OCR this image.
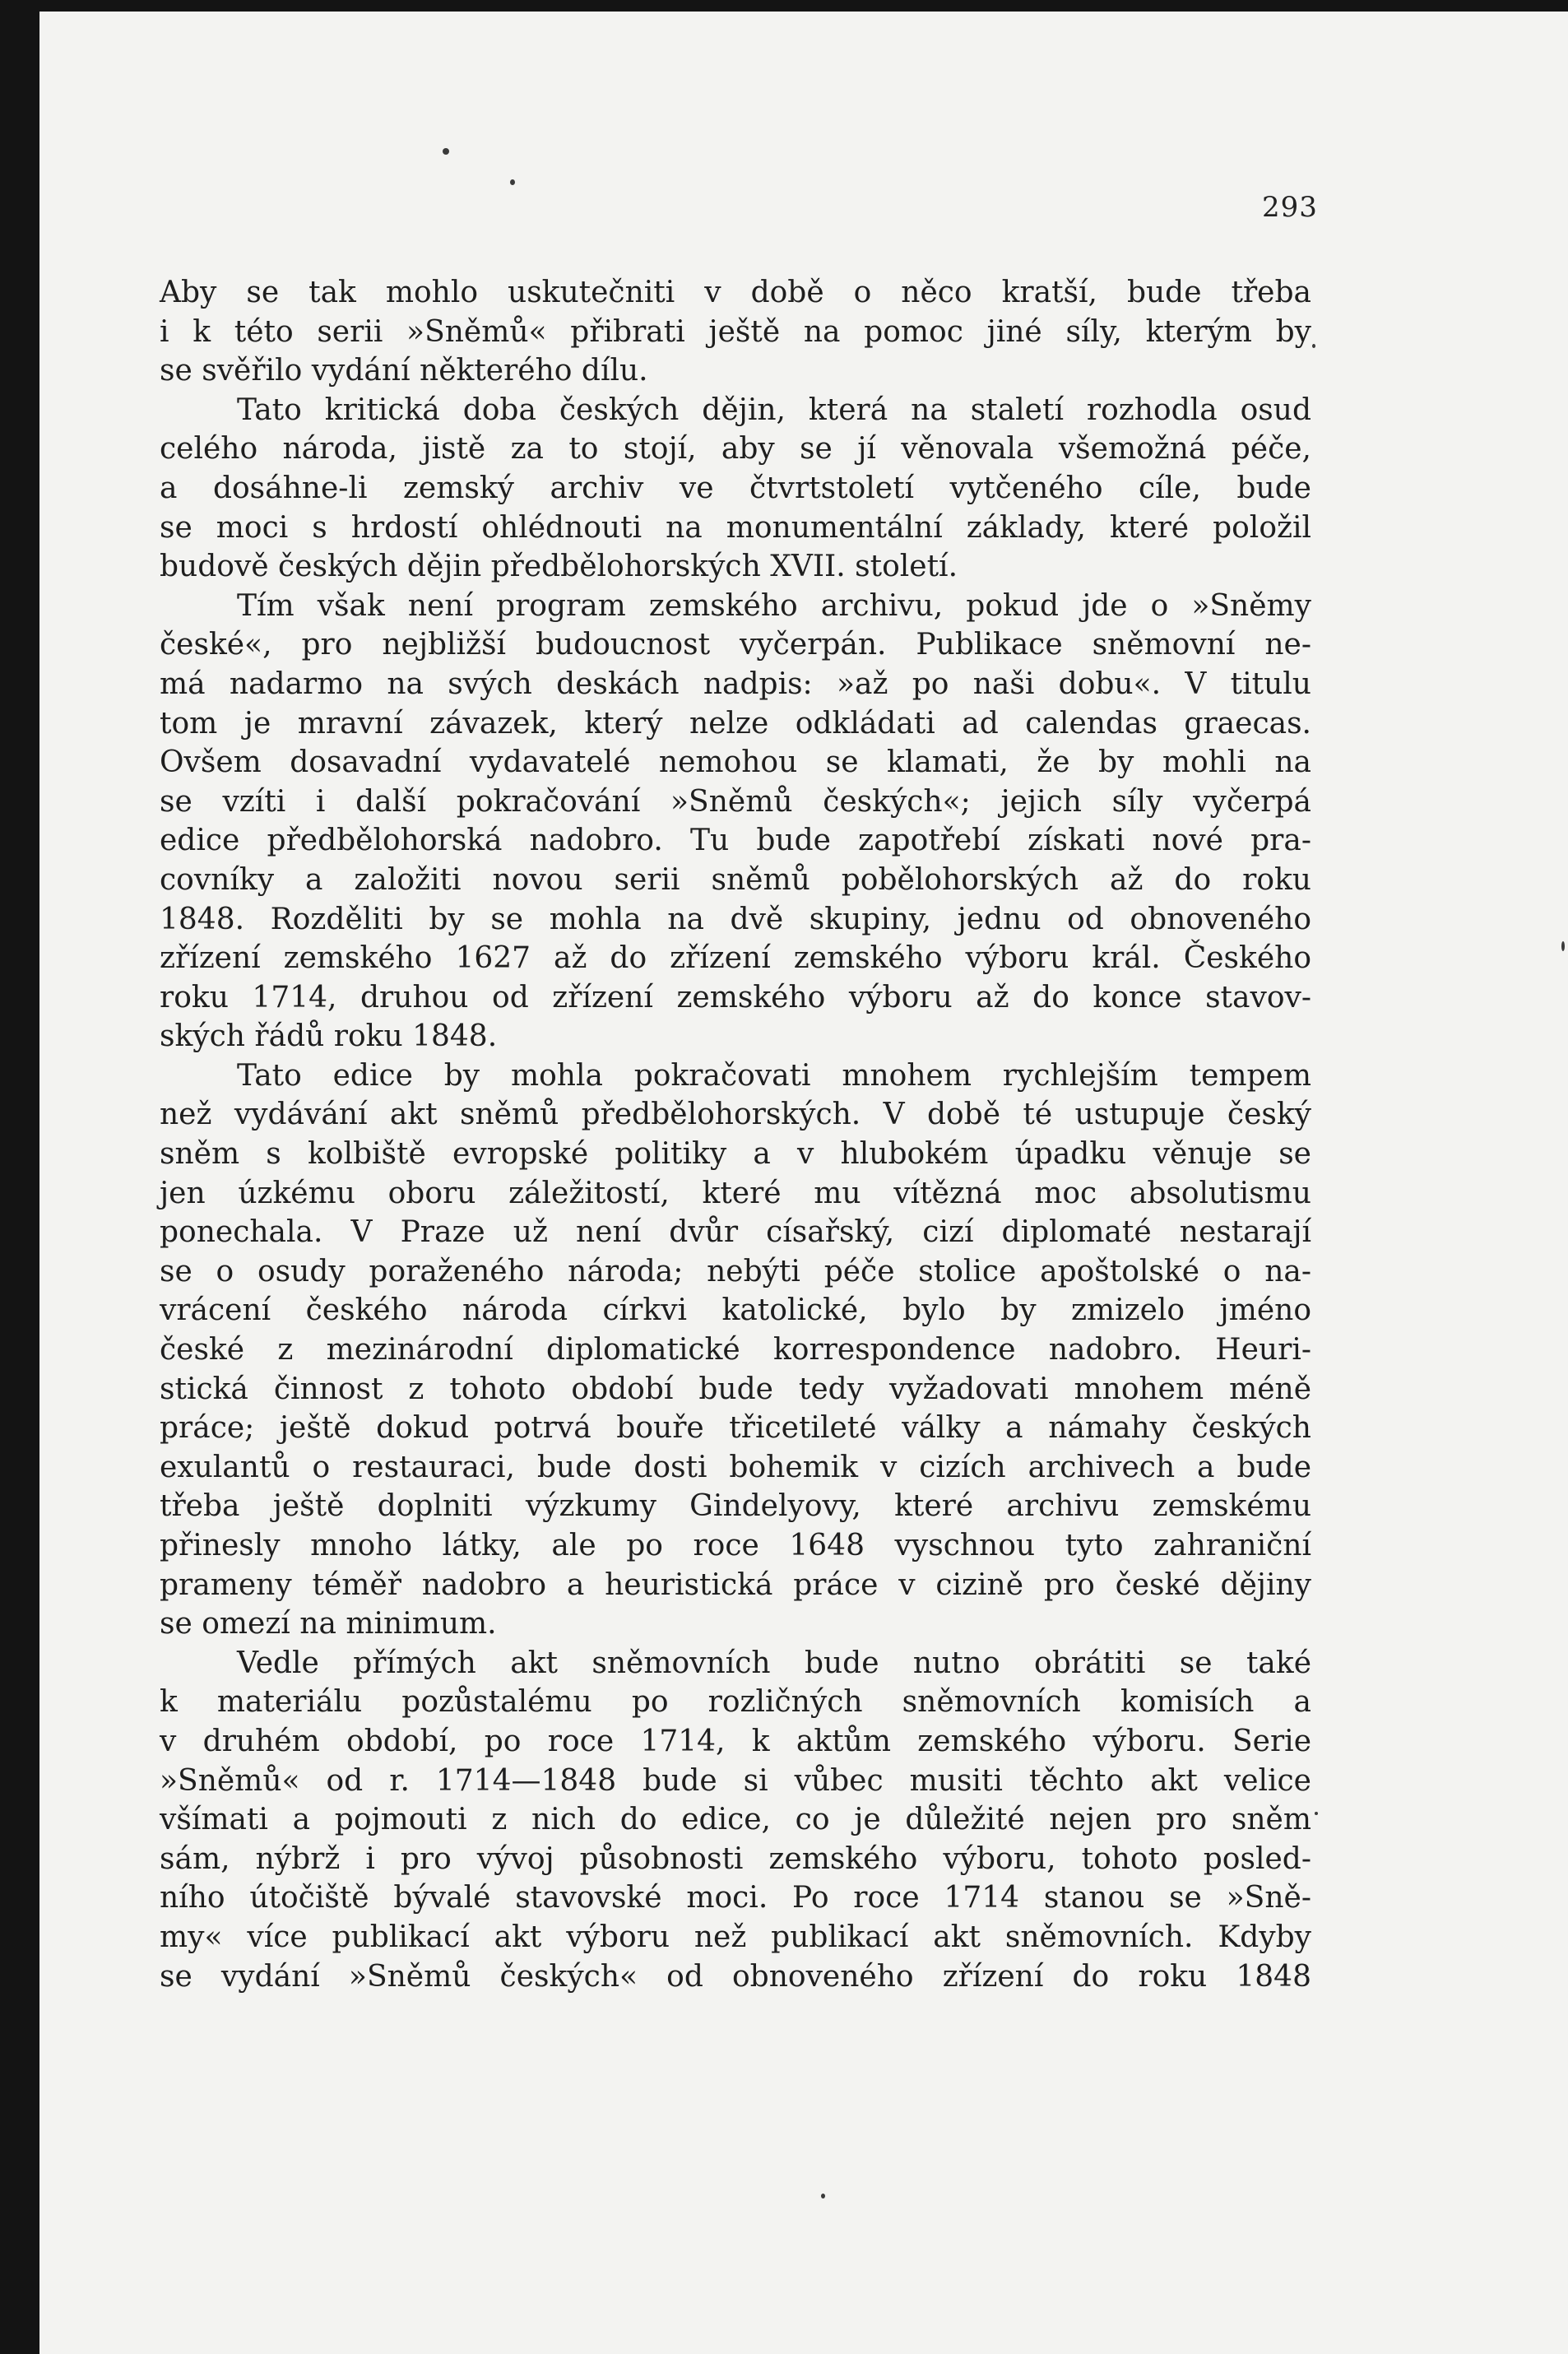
293
Aby se tak mohlo uskutečniti v době o něco kratší, bude třeba
i k této serii »Sněmů« přibrati ještě na pomoc jiné síly, kterým by
se svěřilo vydání některého dílu.
Tato kritická doba českých dějin, která na staletí rozhodla osud
celého národa, jistě za to stojí, aby se jí věnovala všemožná péče,
a dosáhne-li zemský archiv ve čtvrtstoletí vytčeného cíle, bude
se moci s hrdostí ohlédnouti na monumentální základy, které položil
budově českých dějin předbělohorských XVII. století.
Tím však není program zemského archivu, pokud jde o »Sněmy
české«, pro nejbližší budoucnost vyčerpán. Publikace sněmovní ne-
má nadarmo na svých deskách nadpis: »až po naši dobu«. V titulu
tom je mravní závazek, který nelze odkládati ad calendas graecas.
Ovšem dosavadní vydavatelé nemohou se klamati, že by mohli na
se vzíti i další pokračování »Sněmů českých«; jejich síly vyčerpá
edice předbělohorská nadobro. Tu bude zapotřebí získati nové pra-
covníky a založiti novou serii sněmů pobělohorských až do roku
1848. Rozděliti by se mohla na dvě skupiny, jednu od obnoveného
zřízení zemského 1627 až do zřízení zemského výboru král. Českého
roku 1714, druhou od zřízení zemského výboru až do konce stavov-
ských řádů roku 1848.
Tato edice by mohla pokračovati mnohem rychlejším tempem
než vydávání akt sněmů předbělohorských. V době té ustupuje český
sněm s kolbiště evropské politiky a v hlubokém úpadku věnuje se
jen úzkému oboru záležitostí, které mu vítězná moc absolutismu
ponechala. V Praze už není dvůr císařský, cizí diplomaté nestarají
se o osudy poraženého národa; nebýti péče stolice apoštolské o na-
vrácení českého národa církvi katolické, bylo by zmizelo jméno
české z mezinárodní diplomatické korrespondence nadobro. Heuri-
stická činnost z tohoto období bude tedy vyžadovati mnohem méně
práce; ještě dokud potrvá bouře třicetileté války a námahy českých
exulantů o restauraci, bude dosti bohemik v cizích archivech a bude
třeba ještě doplniti výzkumy Gindelyovy, které archivu zemskému
přinesly mnoho látky, ale po roce 1648 vyschnou tyto zahraniční
prameny téměř nadobro a heuristická práce v cizině pro české dějiny
se omezí na minimum.
Vedle přímých akt sněmovních bude nutno obrátiti se také
k materiálu pozůstalému po rozličných sněmovních komisích a
v druhém období, po roce 1714, k aktům zemského výboru. Serie
»Sněmů« od r. 1714—1848 bude si vůbec musiti těchto akt velice
všímati a pojmouti z nich do edice, co je důležité nejen pro sněm
sám, nýbrž i pro vývoj působnosti zemského výboru, tohoto posled-
ního útočiště bývalé stavovské moci. Po roce 1714 stanou se »Sně-
my« více publikací akt výboru než publikací akt sněmovních. Kdyby
se vydání »Sněmů českých« od obnoveného zřízení do roku 1848
